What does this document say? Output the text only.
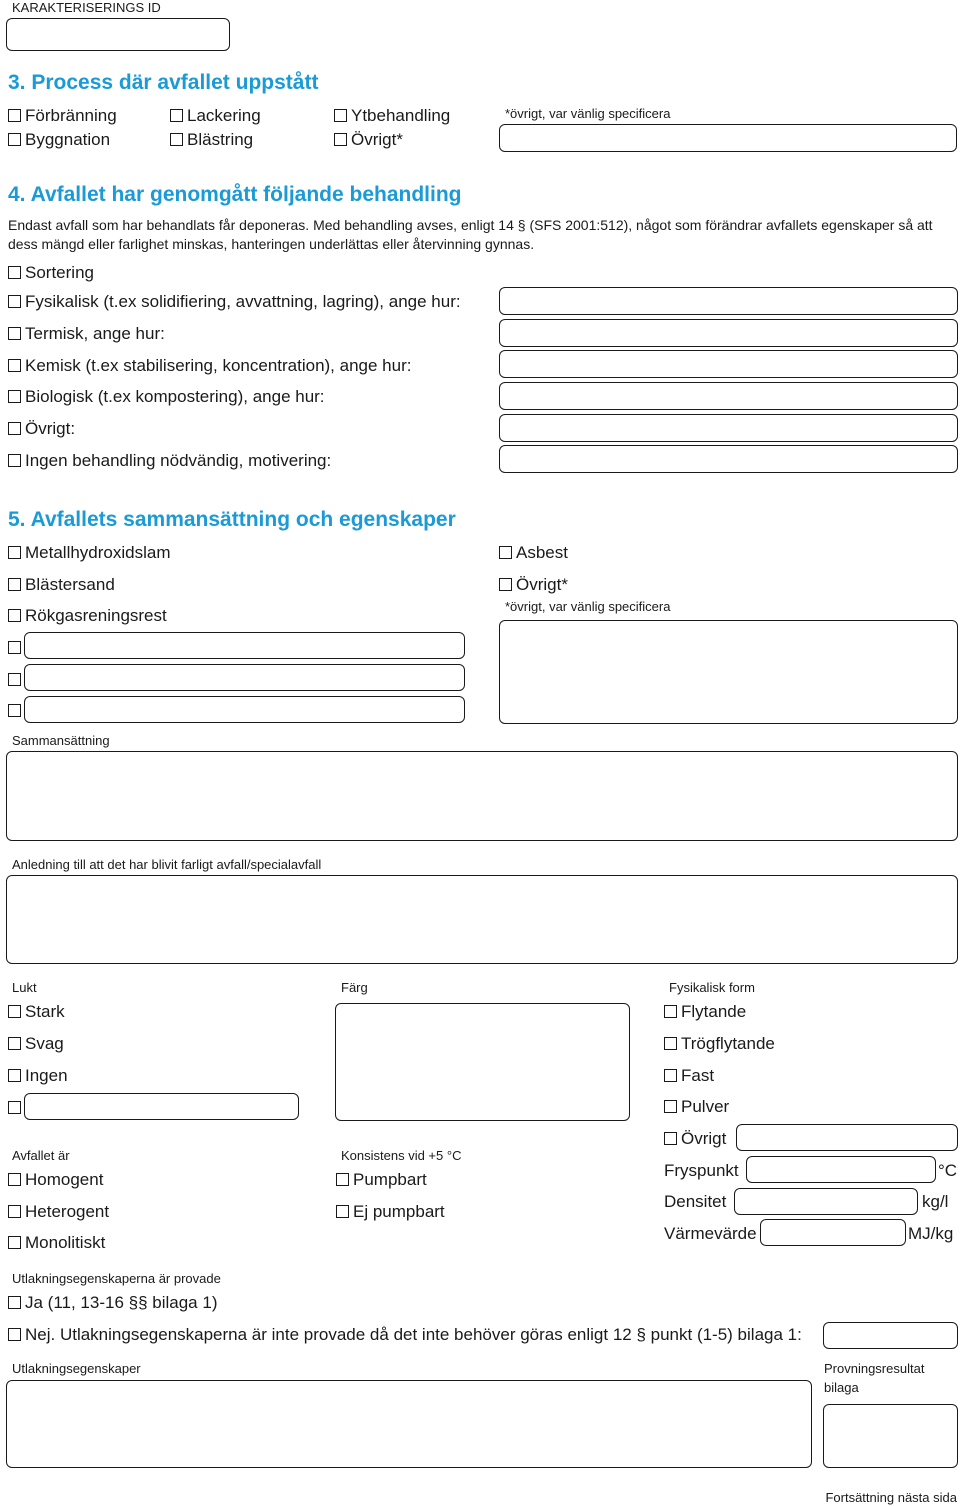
KARAKTERISERINGS ID
3. Process där avfallet uppstått
Förbränning	Lackering	Ytbehandling
Byggnation	Blästring	Övrigt*
*övrigt, var vänlig specificera
4. Avfallet har genomgått följande behandling
Endast avfall som har behandlats får deponeras. Med behandling avses, enligt 14 § (SFS 2001:512), något som förändrar avfallets egenskaper så att dess mängd eller farlighet minskas, hanteringen underlättas eller återvinning gynnas.
Sortering
Fysikalisk (t.ex solidifiering, avvattning, lagring), ange hur:
Termisk, ange hur:
Kemisk (t.ex stabilisering, koncentration), ange hur:
Biologisk (t.ex kompostering), ange hur:
Övrigt:
Ingen behandling nödvändig, motivering:
5. Avfallets sammansättning och egenskaper
Metallhydroxidslam
Blästersand
Rökgasreningsrest
Asbest
Övrigt*
*övrigt, var vänlig specificera
Sammansättning
Anledning till att det har blivit farligt avfall/specialavfall
Lukt
Stark
Svag
Ingen
Färg	Fysikalisk form
Flytande
Trögflytande
Fast
Pulver
Övrigt
Fryspunkt	°C
Densitet	kg/l
Värmevärde	MJ/kg
Avfallet är
Homogent
Heterogent
Monolitiskt
Konsistens vid +5 °C
Pumpbart
Ej pumpbart
Utlakningsegenskaperna är provade
Ja (11, 13-16 §§ bilaga 1)
Nej. Utlakningsegenskaperna är inte provade då det inte behöver göras enligt 12 § punkt (1-5) bilaga 1:
Utlakningsegenskaper	Provningsresultat
bilaga
Fortsättning nästa sida
